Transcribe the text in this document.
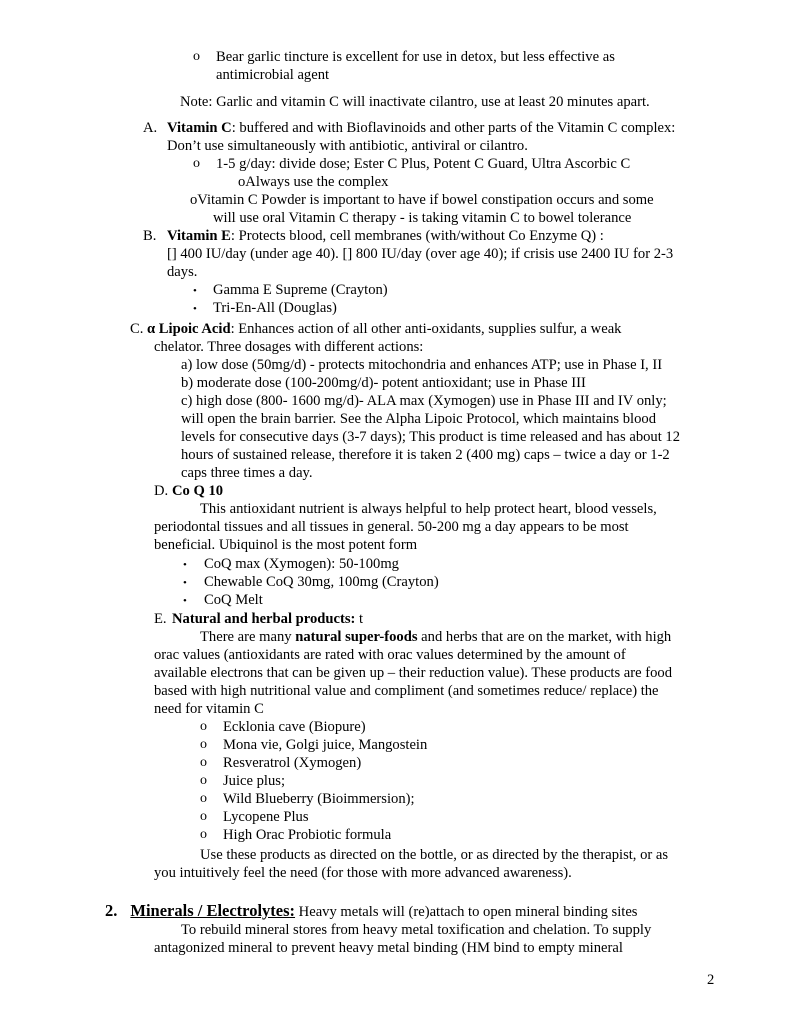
o Bear garlic tincture is excellent for use in detox, but less effective as
antimicrobial agent
Note: Garlic and vitamin C will inactivate cilantro, use at least 20 minutes apart.
A. Vitamin C: buffered and with Bioflavinoids and other parts of the Vitamin C complex:
Don’t use simultaneously with antibiotic, antiviral or cilantro.
o 1-5 g/day: divide dose; Ester C Plus, Potent C Guard, Ultra Ascorbic C
oAlways use the complex
oVitamin C Powder is important to have if bowel constipation occurs and some
will use oral Vitamin C therapy - is taking vitamin C to bowel tolerance
B. Vitamin E: Protects blood, cell membranes (with/without Co Enzyme Q) :
[] 400 IU/day (under age 40). [] 800 IU/day (over age 40); if crisis use 2400 IU for 2-3
days.
• Gamma E Supreme (Crayton)
• Tri-En-All (Douglas)
C. α Lipoic Acid: Enhances action of all other anti-oxidants, supplies sulfur, a weak
chelator. Three dosages with different actions:
a) low dose (50mg/d) - protects mitochondria and enhances ATP; use in Phase I, II
b) moderate dose (100-200mg/d)- potent antioxidant; use in Phase III
c) high dose (800- 1600 mg/d)- ALA max (Xymogen) use in Phase III and IV only;
will open the brain barrier. See the Alpha Lipoic Protocol, which maintains blood
levels for consecutive days (3-7 days); This product is time released and has about 12
hours of sustained release, therefore it is taken 2 (400 mg) caps – twice a day or 1-2
caps three times a day.
D. Co Q 10
This antioxidant nutrient is always helpful to help protect heart, blood vessels,
periodontal tissues and all tissues in general. 50-200 mg a day appears to be most
beneficial. Ubiquinol is the most potent form
• CoQ max (Xymogen): 50-100mg
• Chewable CoQ 30mg, 100mg (Crayton)
• CoQ Melt
E. Natural and herbal products: t
There are many natural super-foods and herbs that are on the market, with high
orac values (antioxidants are rated with orac values determined by the amount of
available electrons that can be given up – their reduction value). These products are food
based with high nutritional value and compliment (and sometimes reduce/ replace) the
need for vitamin C
o Ecklonia cave (Biopure)
o Mona vie, Golgi juice, Mangostein
o Resveratrol (Xymogen)
o Juice plus;
o Wild Blueberry (Bioimmersion);
o Lycopene Plus
o High Orac Probiotic formula
Use these products as directed on the bottle, or as directed by the therapist, or as
you intuitively feel the need (for those with more advanced awareness).
2. Minerals / Electrolytes: Heavy metals will (re)attach to open mineral binding sites
To rebuild mineral stores from heavy metal toxification and chelation. To supply
antagonized mineral to prevent heavy metal binding (HM bind to empty mineral
2
